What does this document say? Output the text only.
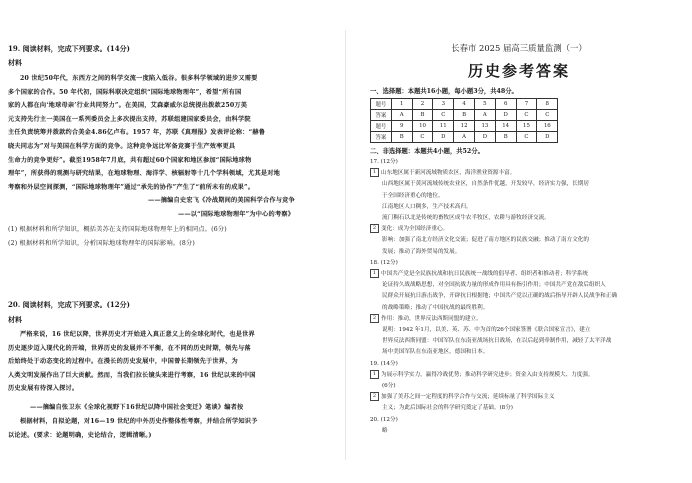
19. 阅读材料，完成下列要求。(14分)
材料
20 世纪50年代，东西方之间的科学交流一度陷入低谷。很多科学领域的进步又需要
多个国家的合作。50 年代初，国际科联决定组织“国际地球物理年”，希望“所有国
家的人都在向‘地球母亲’行业共同努力”。在美国，艾森豪威尔总统提出拨款250万美
元支持先行主一美国在一系列委员会上多次提出支持，苏联组建国家委员会，由科学院
主任负责统筹并拨款约合美金4.86亿卢布。1957 年，苏联《真理报》发表评论称：“赫鲁
晓夫同志为”对与美国在科学方面的竞争。这种竞争远比军备竞赛于生产效率更具
生命力的竞争更好”。截至1958年7月底，共有超过60个国家和地区参加“国际地球物
理年”，所获得的观测与研究结果，在地球物理、海洋学、核辐射等十几个学科领域，尤其是对地
考察和外层空间探测，“国际地球物理年”通过“承先的协作”产生了“前所未有的成果”。
——摘编自史宏飞《冷战期间的美国科学合作与竞争
——以“国际地球物理年”为中心的考察》
(1) 根据材料和所学知识，概括美苏在支持国际地球物理年上的相同点。(6分)
(2) 根据材料和所学知识，分析国际地球物理年的国际影响。(8分)
20. 阅读材料，完成下列要求。(12分)
材料
严格来说，16 世纪以降，世界历史才开始进入真正意义上的全球化时代，也是世界
历史逐步迈入现代化的开端，世界历史的发展并不平衡，在不同的历史时期，领先与落
后始终处于动态变化的过程中。在漫长的历史发展中，中国曾长期领先于世界，为
人类文明发展作出了巨大贡献。然而，当我们拉长镜头来进行考察，16 世纪以来的中国
历史发展有待深入探讨。
——摘编自张卫东《全球化视野下16世纪以降中国社会变迁》笔谈》编者按
根据材料，自拟论题，对16—19 世纪的中外历史作整体性考察，并结合所学知识予
以论述。(要求：论题明确，史论结合，逻辑清晰。)
长春市 2025 届高三质量监测（一）
历史参考答案
一、选择题：本题共16小题，每小题3分，共48分。
题号	1	2	3	4	5	6	7	8
答案	A	B	C	B	A	D	C	C
题号	9	10	11	12	13	14	15	16
答案	B	C	D	A	D	B	C	D
二、非选择题：本题共4小题，共52分。

17. (12分)

1 山东地区属于新河流域物质农区，海洋渔业资源丰富。

山西地区属于黄河流域传统农业区，自然条件优越，开发较早，经济实力强，长期居

于全国经济重心的地位。

江南地区人口稠多，生产技术高归。

流门稠石以北是传统的畜牧区成牛农半牧区，农耕与游牧经济交流。

2 变化：成为全国经济重心。

影响：加强了南北方经济文化交流；促进了南方地区的民族交融；推动了南方文化的

发展；推动了海外贸易的发展。

18. (12分)

1 中国共产党是全民族抗战和抗日民族统一战线的倡导者、组织者和推动者；科学系统

论证持久战战略思想，对全国抗战力量的形成作用具有指引作用；中国共产党在敌后组织人

民群众开展抗日游击战争，开辟抗日根据地；中国共产党以正确的战后指导开辟人民战争和正确

的战略策略；推动了中国抗战的最终胜利。

2 作用：推动，世界反法西斯同盟的建立。

说明：1942 年1月，以美、英、苏、中为首的26个国家签署《联合国家宣言》，建立

世界反法西斯同盟：中国军队在东南亚战场抗日战场，在以后起到牵制作用，减轻了太平洋战

场中美国军队在东南亚地区，德国和日本。

19. (14分)

1 为展示科学实力，赢得冷战优势；推动科学研究进步；资金入由支持规模大、力度强。

(6分)

2 加强了美苏之间一定程度的科学合作与交流；延续标量了科学国际主义

主义；为此后国际社会的科学研究奠定了基础。(8分)

20. (12分)

略
